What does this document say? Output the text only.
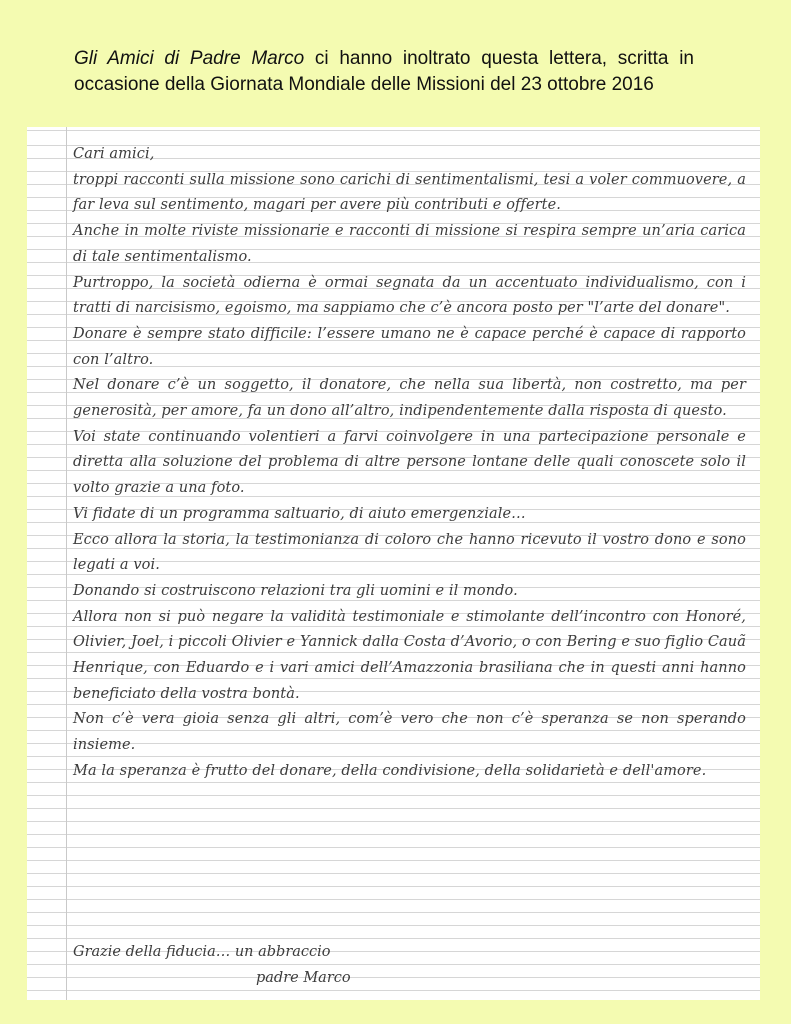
Gli Amici di Padre Marco ci hanno inoltrato questa lettera, scritta in occasione della Giornata Mondiale delle Missioni del 23 ottobre 2016

Cari amici,

troppi racconti sulla missione sono carichi di sentimentalismi, tesi a voler commuovere, a far leva sul sentimento, magari per avere più contributi e offerte.

Anche in molte riviste missionarie e racconti di missione si respira sempre un’aria carica di tale sentimentalismo.

Purtroppo, la società odierna è ormai segnata da un accentuato individualismo, con i tratti di narcisismo, egoismo, ma sappiamo che c’è ancora posto per "l’arte del donare".

Donare è sempre stato difficile: l’essere umano ne è capace perché è capace di rapporto con l’altro.

Nel donare c’è un soggetto, il donatore, che nella sua libertà, non costretto, ma per generosità, per amore, fa un dono all’altro, indipendentemente dalla risposta di questo.

Voi state continuando volentieri a farvi coinvolgere in una partecipazione personale e diretta alla soluzione del problema di altre persone lontane delle quali conoscete solo il volto grazie a una foto.

Vi fidate di un programma saltuario, di aiuto emergenziale…

Ecco allora la storia, la testimonianza di coloro che hanno ricevuto il vostro dono e sono legati a voi.

Donando si costruiscono relazioni tra gli uomini e il mondo.

Allora non si può negare la validità testimoniale e stimolante dell’incontro con Honoré, Olivier, Joel, i piccoli Olivier e Yannick dalla Costa d’Avorio, o con Bering e suo figlio Cauã Henrique, con Eduardo e i vari amici dell’Amazzonia brasiliana che in questi anni hanno beneficiato della vostra bontà.

Non c’è vera gioia senza gli altri, com’è vero che non c’è speranza se non sperando insieme.

Ma la speranza è frutto del donare, della condivisione, della solidarietà e dell'amore.

Grazie della fiducia… un abbraccio
padre Marco
